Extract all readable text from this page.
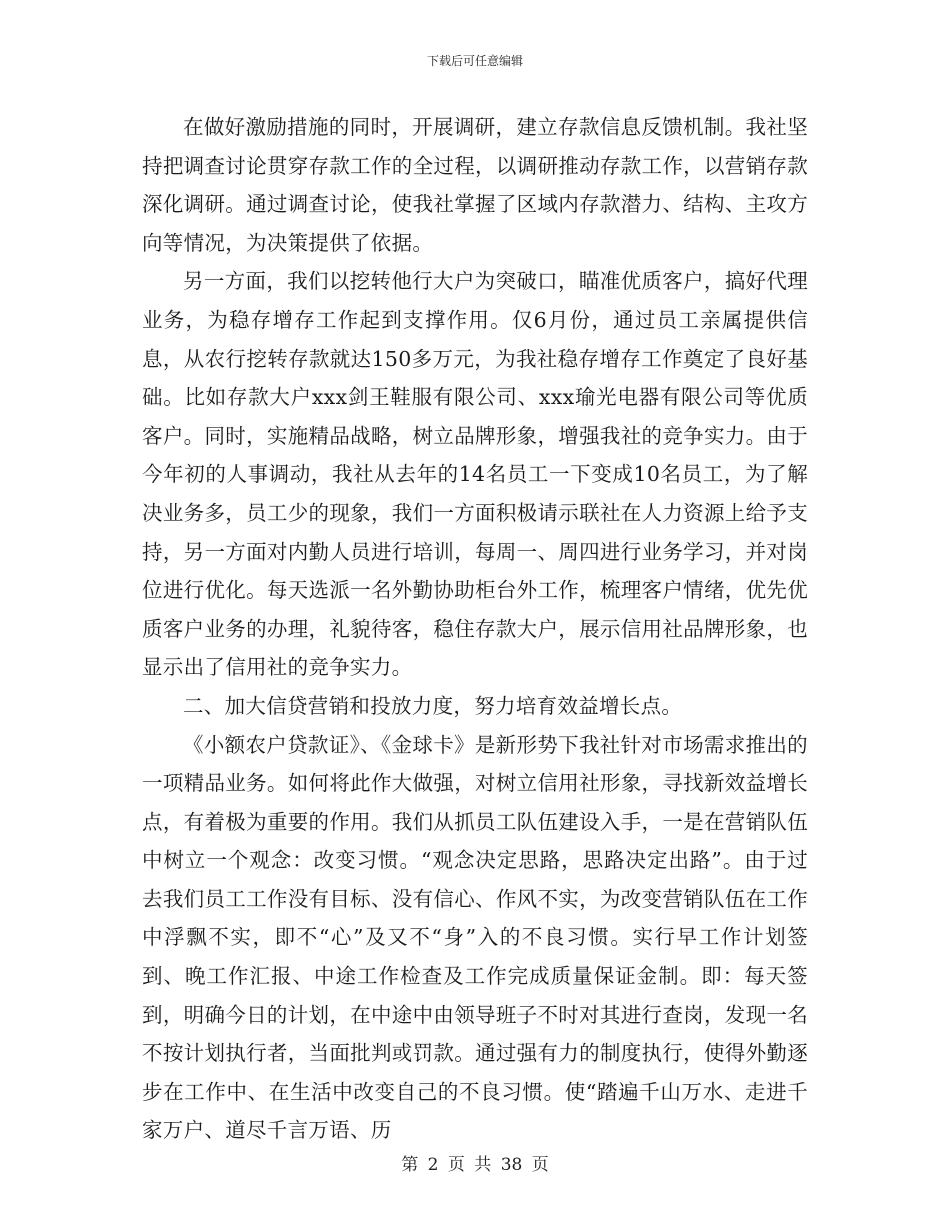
下载后可任意编辑

在做好激励措施的同时，开展调研，建立存款信息反馈机制。我社坚持把调查讨论贯穿存款工作的全过程，以调研推动存款工作，以营销存款深化调研。通过调查讨论，使我社掌握了区域内存款潜力、结构、主攻方向等情况，为决策提供了依据。

另一方面，我们以挖转他行大户为突破口，瞄准优质客户，搞好代理业务，为稳存增存工作起到支撑作用。仅6月份，通过员工亲属提供信息，从农行挖转存款就达150多万元，为我社稳存增存工作奠定了良好基础。比如存款大户xxx剑王鞋服有限公司、xxx瑜光电器有限公司等优质客户。同时，实施精品战略，树立品牌形象，增强我社的竞争实力。由于今年初的人事调动，我社从去年的14名员工一下变成10名员工，为了解决业务多，员工少的现象，我们一方面积极请示联社在人力资源上给予支持，另一方面对内勤人员进行培训，每周一、周四进行业务学习，并对岗位进行优化。每天选派一名外勤协助柜台外工作，梳理客户情绪，优先优质客户业务的办理，礼貌待客，稳住存款大户，展示信用社品牌形象，也显示出了信用社的竞争实力。

二、加大信贷营销和投放力度，努力培育效益增长点。

《小额农户贷款证》、《金球卡》是新形势下我社针对市场需求推出的一项精品业务。如何将此作大做强，对树立信用社形象，寻找新效益增长点，有着极为重要的作用。我们从抓员工队伍建设入手，一是在营销队伍中树立一个观念：改变习惯。“观念决定思路，思路决定出路”。由于过去我们员工工作没有目标、没有信心、作风不实，为改变营销队伍在工作中浮飘不实，即不“心”及又不“身”入的不良习惯。实行早工作计划签到、晚工作汇报、中途工作检查及工作完成质量保证金制。即：每天签到，明确今日的计划，在中途中由领导班子不时对其进行查岗，发现一名不按计划执行者，当面批判或罚款。通过强有力的制度执行，使得外勤逐步在工作中、在生活中改变自己的不良习惯。使“踏遍千山万水、走进千家万户、道尽千言万语、历

第 2 页 共 38 页
